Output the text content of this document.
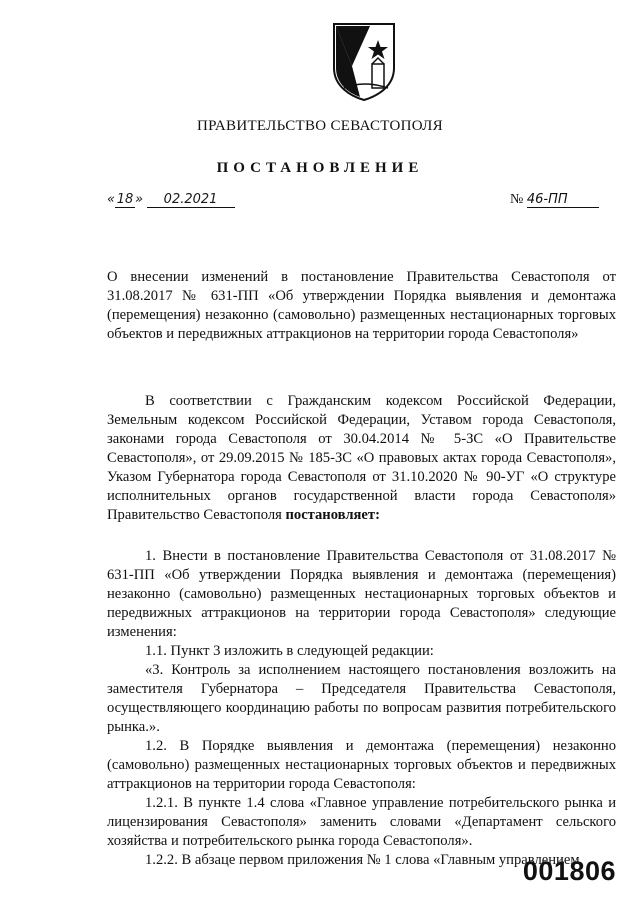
ПРАВИТЕЛЬСТВО СЕВАСТОПОЛЯ
ПОСТАНОВЛЕНИЕ
« 18 » 02.2021	№ 46-ПП
О внесении изменений в постановление Правительства Севастополя от 31.08.2017 № 631-ПП «Об утверждении Порядка выявления и демонтажа (перемещения) незаконно (самовольно) размещенных нестационарных торговых объектов и передвижных аттракционов на территории города Севастополя»
В соответствии с Гражданским кодексом Российской Федерации, Земельным кодексом Российской Федерации, Уставом города Севастополя, законами города Севастополя от 30.04.2014 № 5-ЗС «О Правительстве Севастополя», от 29.09.2015 № 185-ЗС «О правовых актах города Севастополя», Указом Губернатора города Севастополя от 31.10.2020 № 90-УГ «О структуре исполнительных органов государственной власти города Севастополя» Правительство Севастополя постановляет:

1. Внести в постановление Правительства Севастополя от 31.08.2017 № 631-ПП «Об утверждении Порядка выявления и демонтажа (перемещения) незаконно (самовольно) размещенных нестационарных торговых объектов и передвижных аттракционов на территории города Севастополя» следующие изменения:

1.1. Пункт 3 изложить в следующей редакции:

«3. Контроль за исполнением настоящего постановления возложить на заместителя Губернатора – Председателя Правительства Севастополя, осуществляющего координацию работы по вопросам развития потребительского рынка.».

1.2. В Порядке выявления и демонтажа (перемещения) незаконно (самовольно) размещенных нестационарных торговых объектов и передвижных аттракционов на территории города Севастополя:

1.2.1. В пункте 1.4 слова «Главное управление потребительского рынка и лицензирования Севастополя» заменить словами «Департамент сельского хозяйства и потребительского рынка города Севастополя».

1.2.2. В абзаце первом приложения № 1 слова «Главным управлением

001806
